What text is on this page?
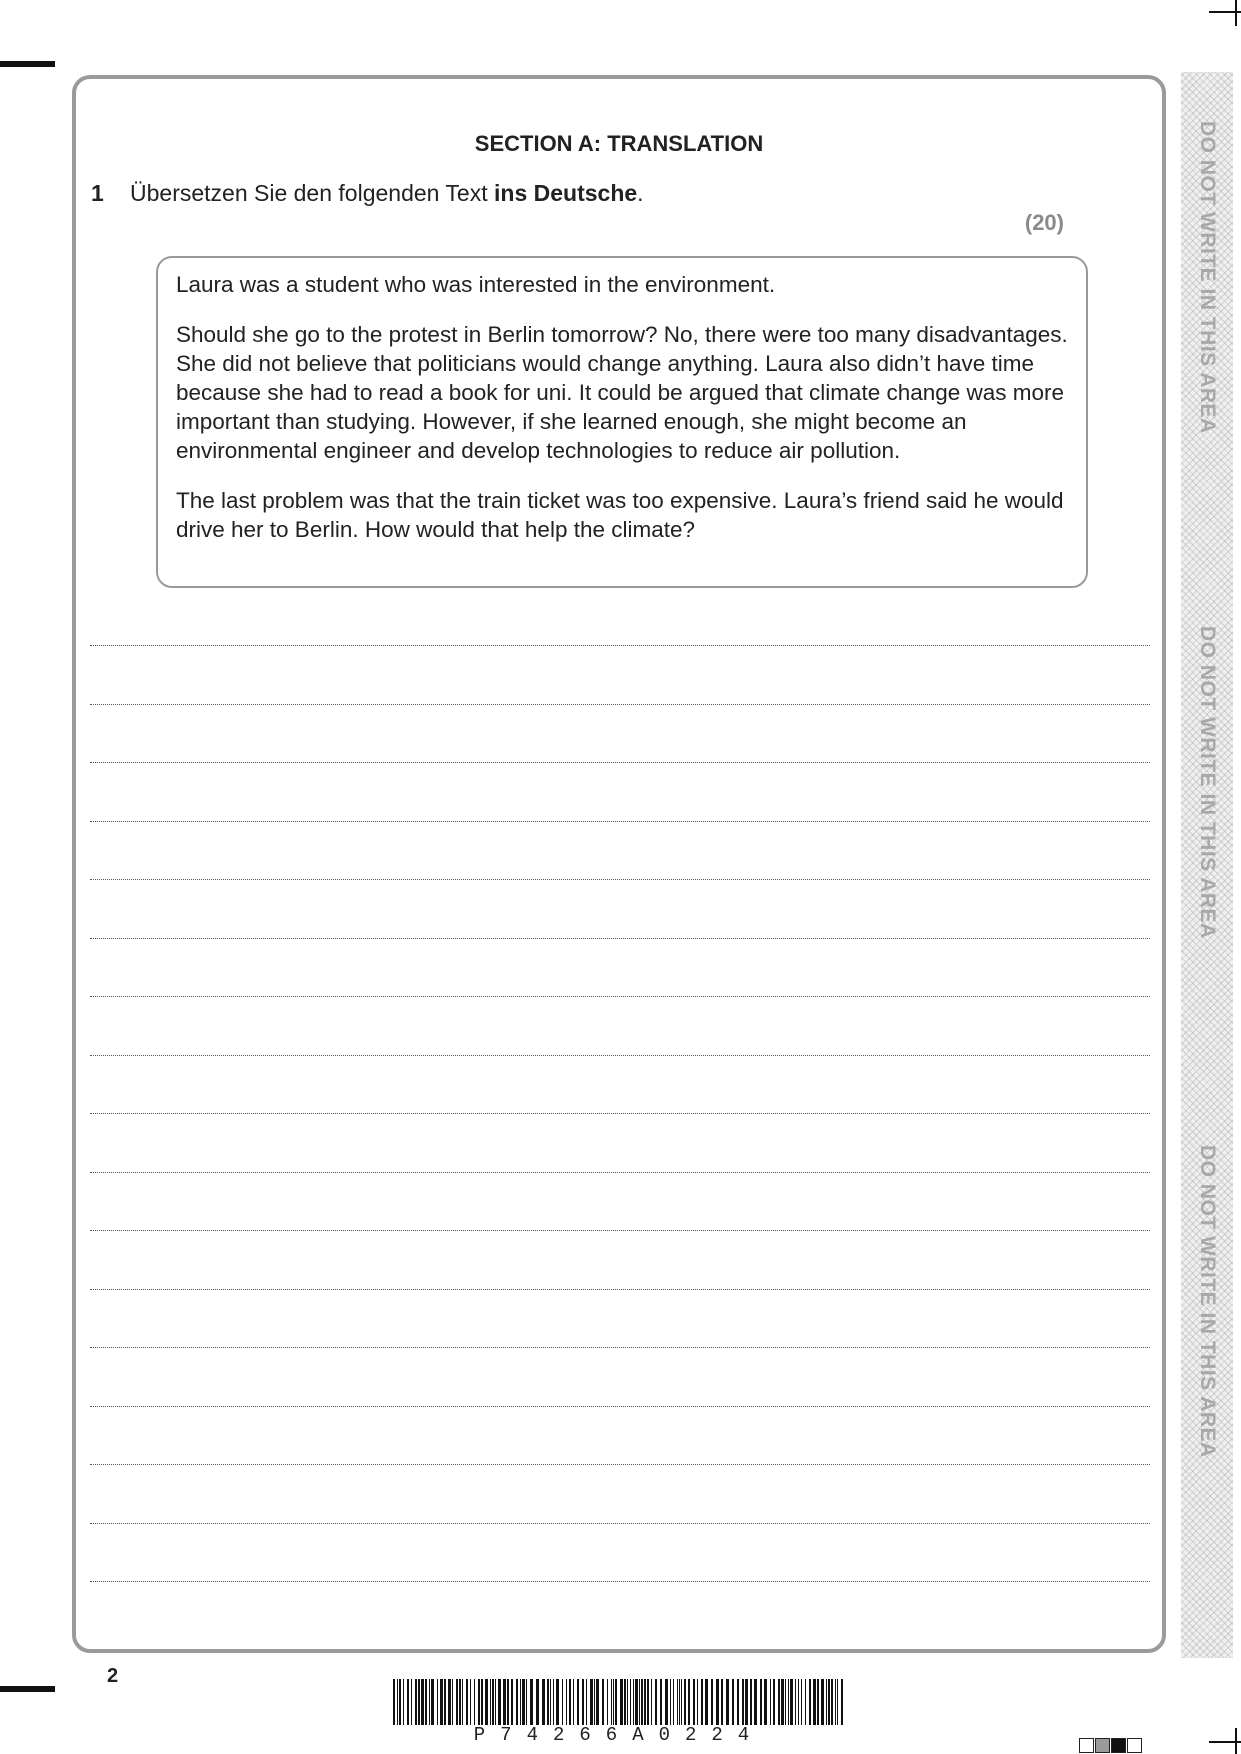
SECTION A: TRANSLATION
1 Übersetzen Sie den folgenden Text ins Deutsche.
(20)

Laura was a student who was interested in the environment.

Should she go to the protest in Berlin tomorrow? No, there were too many disadvantages. She did not believe that politicians would change anything. Laura also didn’t have time because she had to read a book for uni. It could be argued that climate change was more important than studying. However, if she learned enough, she might become an environmental engineer and develop technologies to reduce air pollution.

The last problem was that the train ticket was too expensive. Laura’s friend said he would drive her to Berlin. How would that help the climate?

DO NOT WRITE IN THIS AREA
DO NOT WRITE IN THIS AREA
DO NOT WRITE IN THIS AREA
2
P74266A0224
